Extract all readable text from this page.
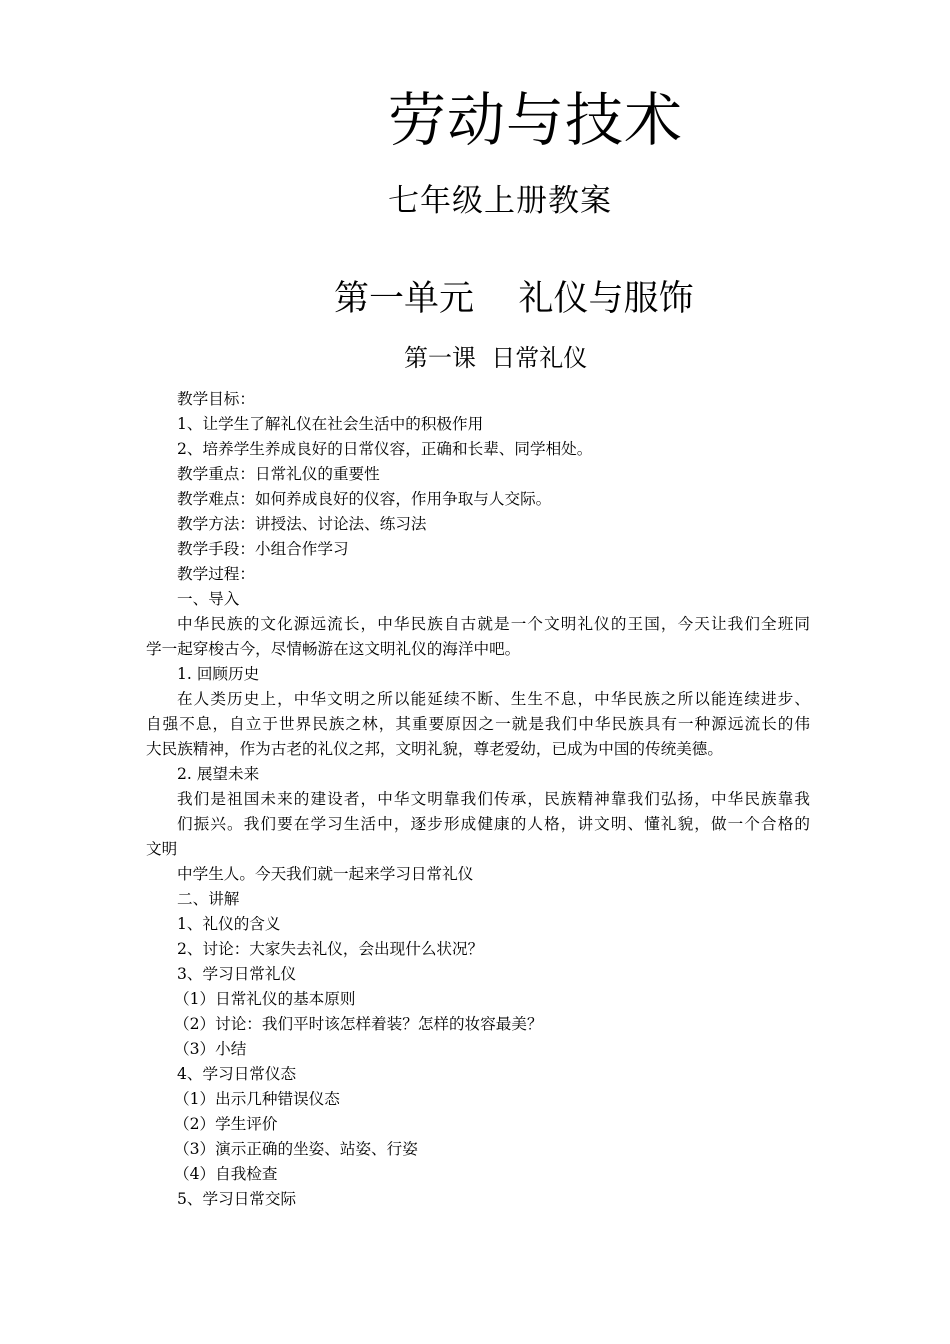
劳动与技术
七年级上册教案
第一单元    礼仪与服饰
第一课  日常礼仪

教学目标：

1、让学生了解礼仪在社会生活中的积极作用

2、培养学生养成良好的日常仪容，正确和长辈、同学相处。

教学重点：日常礼仪的重要性

教学难点：如何养成良好的仪容，作用争取与人交际。

教学方法：讲授法、讨论法、练习法

教学手段：小组合作学习

教学过程：

一、导入

中华民族的文化源远流长，中华民族自古就是一个文明礼仪的王国，今天让我们全班同

学一起穿梭古今，尽情畅游在这文明礼仪的海洋中吧。

1. 回顾历史

在人类历史上，中华文明之所以能延续不断、生生不息，中华民族之所以能连续进步、

自强不息，自立于世界民族之林，其重要原因之一就是我们中华民族具有一种源远流长的伟

大民族精神，作为古老的礼仪之邦，文明礼貌，尊老爱幼，已成为中国的传统美德。

2. 展望未来

我们是祖国未来的建设者，中华文明靠我们传承，民族精神靠我们弘扬，中华民族靠我

们振兴。我们要在学习生活中，逐步形成健康的人格，讲文明、懂礼貌，做一个合格的

文明

中学生人。今天我们就一起来学习日常礼仪

二、讲解

1、礼仪的含义

2、讨论：大家失去礼仪，会出现什么状况？

3、学习日常礼仪

（1）日常礼仪的基本原则

（2）讨论：我们平时该怎样着装？怎样的妆容最美？

（3）小结

4、学习日常仪态

（1）出示几种错误仪态

（2）学生评价

（3）演示正确的坐姿、站姿、行姿

（4）自我检查

5、学习日常交际
